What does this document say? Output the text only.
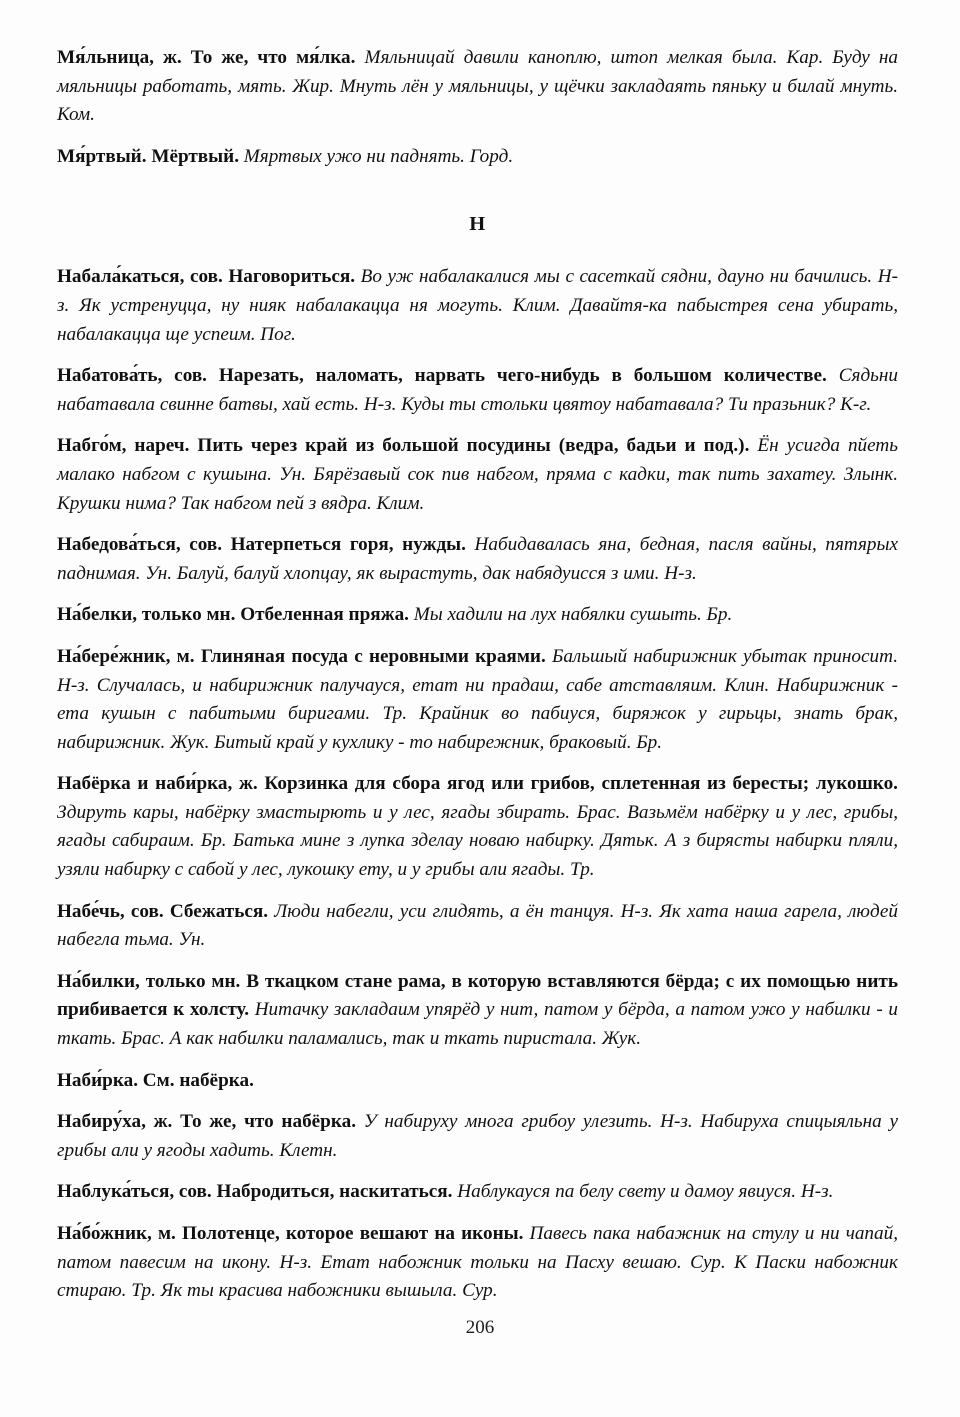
Мя́льница, ж. То же, что мя́лка. Мяльницай давили каноплю, штоп мелкая была. Кар. Буду на мяльницы работать, мять. Жир. Мнуть лён у мяльницы, у щёчки закладаять пяньку и билай мнуть. Ком.

Мя́ртвый. Мёртвый. Мяртвых ужо ни паднять. Горд.

Н

Набала́каться, сов. Наговориться. Во уж набалакалися мы с сасеткай сядни, дауно ни бачились. Н-з. Як устренуцца, ну нияк набалакацца ня могуть. Клим. Давайтя-ка пабыстрея сена убирать, набалакацца ще успеим. Пог.

Набатова́ть, сов. Нарезать, наломать, нарвать чего-нибудь в большом количестве. Сядьни набатавала свинне батвы, хай есть. Н-з. Куды ты стольки цвятоу набатавала? Ти празьник? К-г.

Набго́м, нареч. Пить через край из большой посудины (ведра, бадьи и под.). Ён усигда пйеть малако набгом с кушына. Ун. Бярёзавый сок пив набгом, пряма с кадки, так пить захатеу. Злынк. Крушки нима? Так набгом пей з вядра. Клим.

Набедова́ться, сов. Натерпеться горя, нужды. Набидавалась яна, бедная, пасля вайны, пятярых паднимая. Ун. Балуй, балуй хлопцау, як вырастуть, дак набядуисся з ими. Н-з.

На́белки, только мн. Отбеленная пряжа. Мы хадили на лух набялки сушыть. Бр.

На́бере́жник, м. Глиняная посуда с неровными краями. Бальшый набирижник убытак приносит. Н-з. Случалась, и набирижник палучауся, етат ни прадаш, сабе атставляим. Клин. Набирижник - ета кушын с пабитыми биригами. Тр. Крайник во пабиуся, биряжок у гирьцы, знать брак, набирижник. Жук. Битый край у кухлику - то набирежник, браковый. Бр.

Набёрка и наби́рка, ж. Корзинка для сбора ягод или грибов, сплетенная из бересты; лукошко. Здируть кары, набёрку змастырють и у лес, ягады збирать. Брас. Вазьмём набёрку и у лес, грибы, ягады сабираим. Бр. Батька мине з лупка зделау новаю набирку. Дятьк. А з бирясты набирки пляли, узяли набирку с сабой у лес, лукошку ету, и у грибы али ягады. Тр.

Набе́чь, сов. Сбежаться. Люди набегли, уси глидять, а ён танцуя. Н-з. Як хата наша гарела, людей набегла тьма. Ун.

На́билки, только мн. В ткацком стане рама, в которую вставляются бёрда; с их помощью нить прибивается к холсту. Нитачку закладаим упярёд у нит, патом у бёрда, а патом ужо у набилки - и ткать. Брас. А как набилки паламались, так и ткать пиристала. Жук.

Наби́рка. См. набёрка.

Набиру́ха, ж. То же, что набёрка. У набируху многа грибоу улезить. Н-з. Набируха спицыяльна у грибы али у ягоды хадить. Клетн.

Наблука́ться, сов. Набродиться, наскитаться. Наблукауся па белу свету и дамоу явиуся. Н-з.

На́бо́жник, м. Полотенце, которое вешают на иконы. Павесь пака набажник на стулу и ни чапай, патом павесим на икону. Н-з. Етат набожник тольки на Пасху вешаю. Сур. К Паски набожник стираю. Тр. Як ты красива набожники вышыла. Сур.

206
